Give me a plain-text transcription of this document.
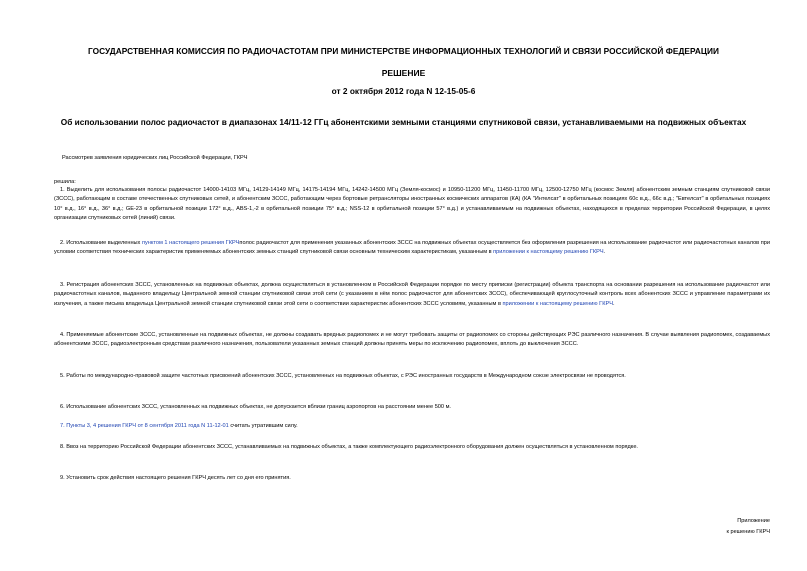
ГОСУДАРСТВЕННАЯ КОМИССИЯ ПО РАДИОЧАСТОТАМ ПРИ МИНИСТЕРСТВЕ ИНФОРМАЦИОННЫХ ТЕХНОЛОГИЙ И СВЯЗИ РОССИЙСКОЙ ФЕДЕРАЦИИ
РЕШЕНИЕ
от 2 октября 2012 года N 12-15-05-6
Об использовании полос радиочастот в диапазонах 14/11-12 ГГц абонентскими земными станциями спутниковой связи, устанавливаемыми на подвижных объектах
Рассмотрев заявления юридических лиц Российской Федерации, ГКРЧ
решила:
1. Выделить для использования полосы радиочастот 14000-14103 МГц, 14129-14149 МГц, 14175-14194 МГц, 14242-14500 МГц (Земля-космос) и 10950-11200 МГц, 11450-11700 МГц, 12500-12750 МГц (космос Земля) абонентским земным станциям спутниковой связи (ЗССС), работающим в составе отечественных спутниковых сетей, и абонентским ЗССС, работающим через бортовые ретрансляторы иностранных космических аппаратов (КА) (КА "Интелсат" в орбитальных позициях 60с в.д., 66с в.д.; "Евтелсат" в орбитальных позициях 10° в.д., 16° в.д., 36° в.д.; GE-23 в орбитальной позиции 172° в.д., ABS-1,-2 в орбитальной позиции 75° в.д.; NSS-12 в орбитальной позиции 57° в.д.) и устанавливаемым на подвижных объектах, находящихся в пределах территории Российской Федерации, в целях организации спутниковых сетей (линий) связи.
2. Использование выделенных пунктом 1 настоящего решения ГКРЧполос радиочастот для применения указанных абонентских ЗССС на подвижных объектах осуществляется без оформления разрешения на использование радиочастот или радиочастотных каналов при условии соответствия технических характеристик применяемых абонентских земных станций спутниковой связи основным техническим характеристикам, указанным в приложении к настоящему решению ГКРЧ.
3. Регистрация абонентских ЗССС, установленных на подвижных объектах, должна осуществляться в установленном в Российской Федерации порядке по месту приписки (регистрации) объекта транспорта на основании разрешения на использование радиочастот или радиочастотных каналов, выданного владельцу Центральной земной станции спутниковой связи этой сети (с указанием в нём полос радиочастот для абонентских ЗССС), обеспечивающей круглосуточный контроль всех абонентских ЗССС и управление параметрами их излучения, а также письма владельца Центральной земной станции спутниковой связи этой сети о соответствии характеристик абонентских ЗССС условиям, указанным в приложении к настоящему решению ГКРЧ.
4. Применяемые абонентские ЗССС, установленные на подвижных объектах, не должны создавать вредных радиопомех и не могут требовать защиты от радиопомех со стороны действующих РЭС различного назначения. В случае выявления радиопомех, создаваемых абонентскими ЗССС, радиоэлектронным средствам различного назначения, пользователи указанных земных станций должны принять меры по исключению радиопомех, вплоть до выключения ЗССС.
5. Работы по международно-правовой защите частотных присвоений абонентских ЗССС, установленных на подвижных объектах, с РЭС иностранных государств в Международном союзе электросвязи не проводятся.
6. Использование абонентских ЗССС, установленных на подвижных объектах, не допускается вблизи границ аэропортов на расстоянии менее 500 м.
7. Пункты 3, 4 решения ГКРЧ от 8 сентября 2011 года N 11-12-01 считать утратившим силу.
8. Ввоз на территорию Российской Федерации абонентских ЗССС, устанавливаемых на подвижных объектах, а также комплектующего радиоэлектронного оборудования должен осуществляться в установленном порядке.
9. Установить срок действия настоящего решения ГКРЧ десять лет со дня его принятия.
Приложение
к решению ГКРЧ
